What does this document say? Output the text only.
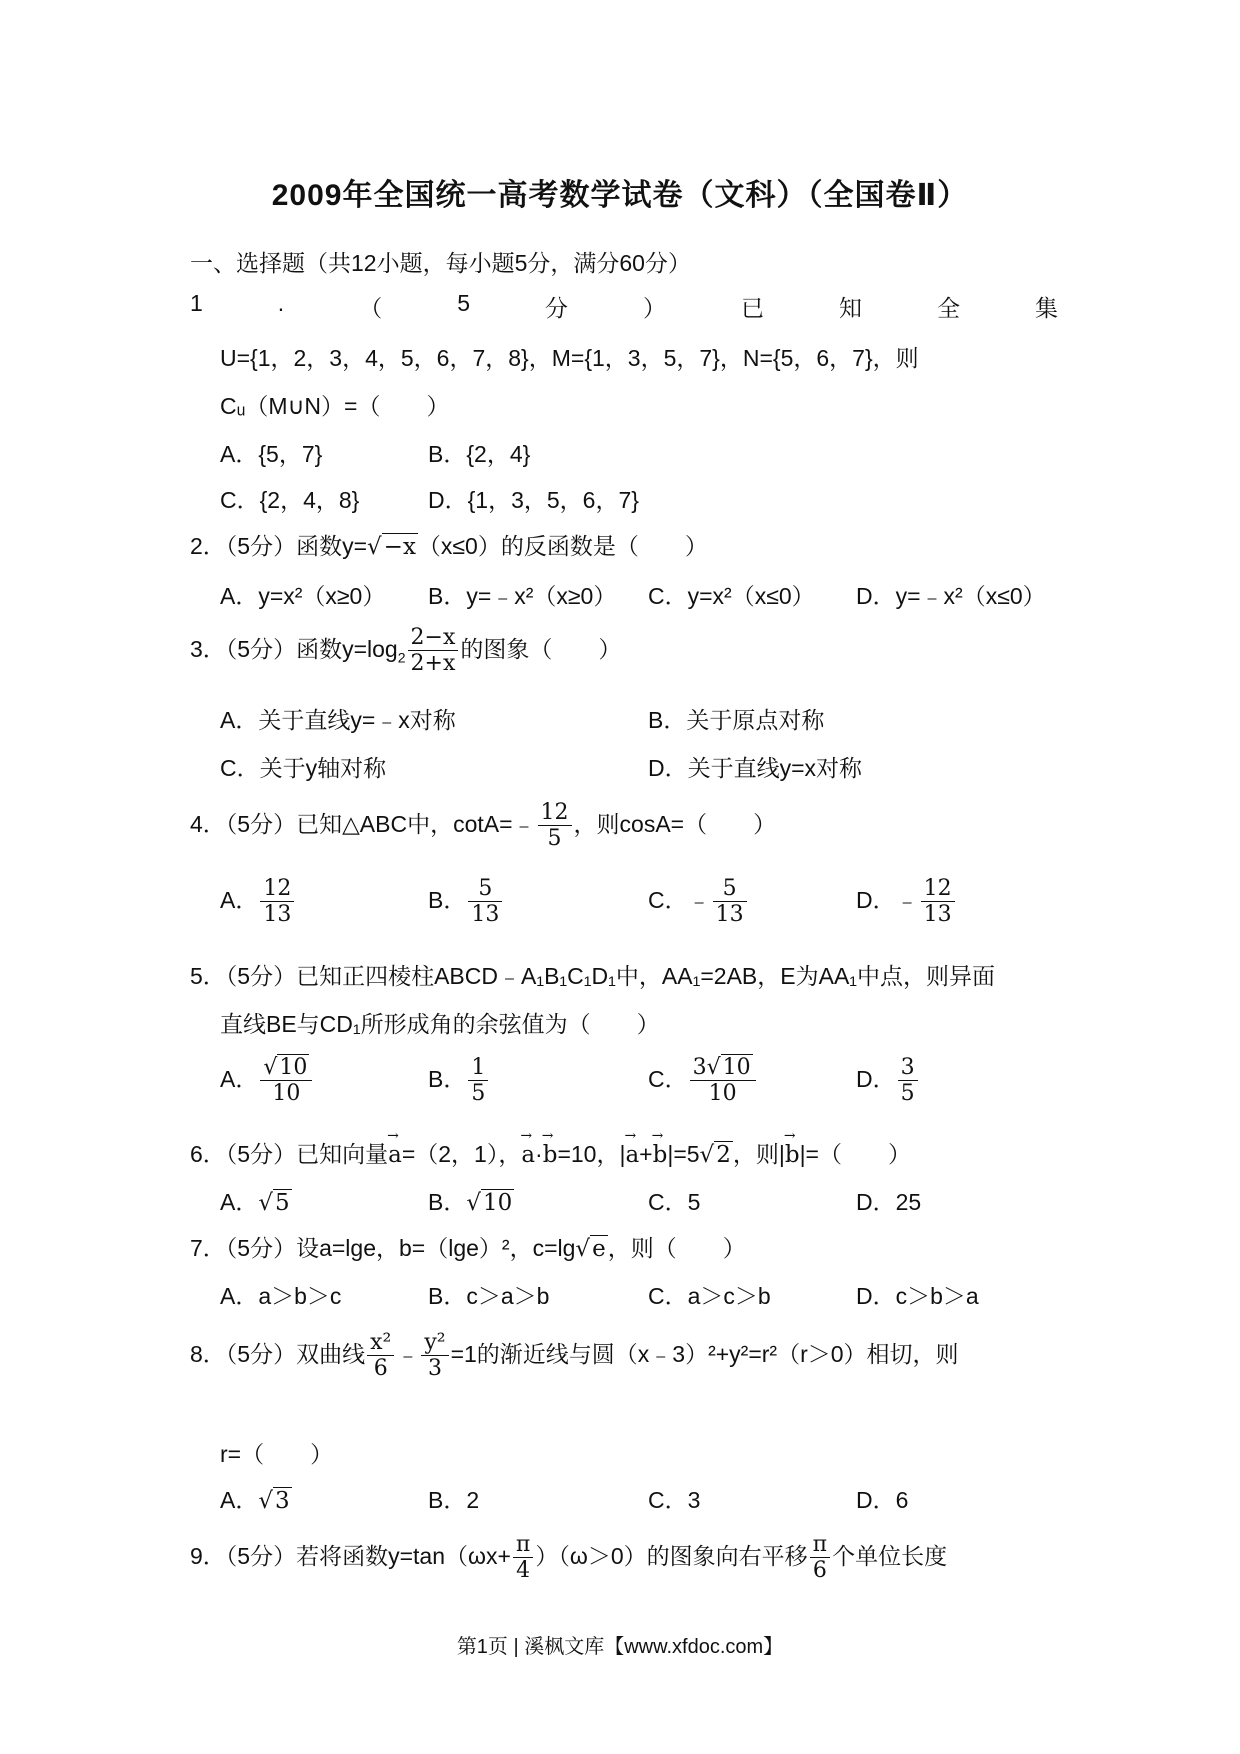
2009年全国统一高考数学试卷（文科）（全国卷Ⅱ）
一、选择题（共12小题，每小题5分，满分60分）
1	.	（	5	分	）	已	知	全	集
U={1，2，3，4，5，6，7，8}，M={1，3，5，7}，N={5，6，7}，则
Cᵤ（M∪N）=（　　）
A．{5，7}	B．{2，4}
C．{2，4，8}	D．{1，3，5，6，7}
2．（5分）函数y=√−x（x≤0）的反函数是（　　）
A．y=x²（x≥0） B．y=﹣x²（x≥0） C．y=x²（x≤0） D．y=﹣x²（x≤0）
3．（5分）函数$y=\log_2 \frac{2-x}{2+x}$ 的图象（　　）
A．关于直线y=﹣x对称	B．关于原点对称
C．关于y轴对称	D．关于直线y=x对称
4．（5分）已知△ABC中，cotA=﹣ $\frac{12}{5}$ ，则cosA=（　　）
A． $\frac{12}{13}$	B． $\frac{5}{13}$	C．﹣ $\frac{5}{13}$	D．﹣ $\frac{12}{13}$
5．（5分）已知正四棱柱ABCD﹣A₁B₁C₁D₁中，AA₁=2AB，E为AA₁中点，则异面
直线BE与CD₁所形成角的余弦值为（　　）
A． $\frac{√10}{10}$	B． $\frac{1}{5}$	C． $\frac{3√10}{10}$	D． $\frac{3}{5}$
6．（5分）已知向量→ a=（2，1），→ a·→ b=10，|→ a+→ b|=5√2，则|→ b|=（　　）
A．√5	B．√10	C．5	D．25
7．（5分）设a=lge，b=（lge）²，c=lg√e，则（　　）
A．a＞b＞c	B．c＞a＞b	C．a＞c＞b	D．c＞b＞a
8．（5分）双曲线 $\frac{\text{x²}}{6}$ ﹣ $\frac{\text{y²}}{3} =1$的渐近线与圆（x﹣3）²+y²=r²（r＞0）相切，则
r=（　　）
A．√3	B．2	C．3	D．6
9．（5分）若将函数$y=\tan(\omega x+ \frac{\pi}{4} )(\omega>0)$的图象向右平移 $\frac{\pi}{6}$ 个单位长度
第1页 | 溪枫文库【www.xfdoc.com】
